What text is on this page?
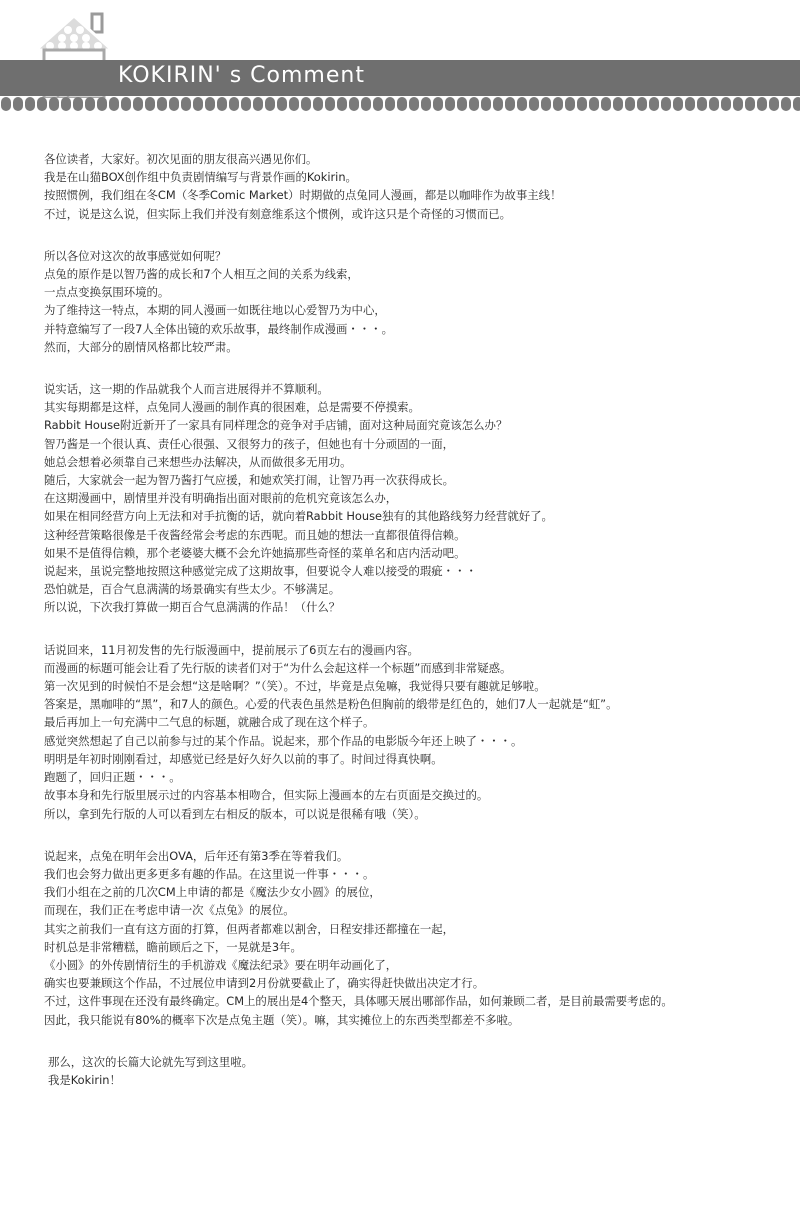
KOKIRIN' s Comment
各位读者，大家好。初次见面的朋友很高兴遇见你们。
我是在山猫BOX创作组中负责剧情编写与背景作画的Kokirin。
按照惯例，我们组在冬CM（冬季Comic Market）时期做的点兔同人漫画，都是以咖啡作为故事主线！
不过，说是这么说，但实际上我们并没有刻意维系这个惯例，或许这只是个奇怪的习惯而已。
所以各位对这次的故事感觉如何呢？
点兔的原作是以智乃酱的成长和7个人相互之间的关系为线索，
一点点变换氛围环境的。
为了维持这一特点，本期的同人漫画一如既往地以心爱智乃为中心，
并特意编写了一段7人全体出镜的欢乐故事，最终制作成漫画・・・。
然而，大部分的剧情风格都比较严肃。
说实话，这一期的作品就我个人而言进展得并不算顺利。
其实每期都是这样，点兔同人漫画的制作真的很困难，总是需要不停摸索。
Rabbit House附近新开了一家具有同样理念的竞争对手店铺，面对这种局面究竟该怎么办？
智乃酱是一个很认真、责任心很强、又很努力的孩子，但她也有十分顽固的一面，
她总会想着必须靠自己来想些办法解决，从而做很多无用功。
随后，大家就会一起为智乃酱打气应援，和她欢笑打闹，让智乃再一次获得成长。
在这期漫画中，剧情里并没有明确指出面对眼前的危机究竟该怎么办，
如果在相同经营方向上无法和对手抗衡的话，就向着Rabbit House独有的其他路线努力经营就好了。
这种经营策略很像是千夜酱经常会考虑的东西呢。而且她的想法一直都很值得信赖。
如果不是值得信赖，那个老婆婆大概不会允许她搞那些奇怪的菜单名和店内活动吧。
说起来，虽说完整地按照这种感觉完成了这期故事，但要说令人难以接受的瑕疵・・・
恐怕就是，百合气息满满的场景确实有些太少。不够满足。
所以说，下次我打算做一期百合气息满满的作品！（什么？
话说回来，11月初发售的先行版漫画中，提前展示了6页左右的漫画内容。
而漫画的标题可能会让看了先行版的读者们对于“为什么会起这样一个标题”而感到非常疑惑。
第一次见到的时候怕不是会想“这是啥啊？”（笑）。不过，毕竟是点兔嘛，我觉得只要有趣就足够啦。
答案是，黑咖啡的“黑”，和7人的颜色。心爱的代表色虽然是粉色但胸前的缎带是红色的，她们7人一起就是“虹”。
最后再加上一句充满中二气息的标题，就融合成了现在这个样子。
感觉突然想起了自己以前参与过的某个作品。说起来，那个作品的电影版今年还上映了・・・。
明明是年初时刚刚看过，却感觉已经是好久好久以前的事了。时间过得真快啊。
跑题了，回归正题・・・。
故事本身和先行版里展示过的内容基本相吻合，但实际上漫画本的左右页面是交换过的。
所以，拿到先行版的人可以看到左右相反的版本，可以说是很稀有哦（笑）。
说起来，点兔在明年会出OVA，后年还有第3季在等着我们。
我们也会努力做出更多更多有趣的作品。在这里说一件事・・・。
我们小组在之前的几次CM上申请的都是《魔法少女小圆》的展位，
而现在，我们正在考虑申请一次《点兔》的展位。
其实之前我们一直有这方面的打算，但两者都难以割舍，日程安排还都撞在一起，
时机总是非常糟糕，瞻前顾后之下，一晃就是3年。
《小圆》的外传剧情衍生的手机游戏《魔法纪录》要在明年动画化了，
确实也要兼顾这个作品，不过展位申请到2月份就要截止了，确实得赶快做出决定才行。
不过，这件事现在还没有最终确定。CM上的展出是4个整天，具体哪天展出哪部作品，如何兼顾二者，是目前最需要考虑的。
因此，我只能说有80%的概率下次是点兔主题（笑）。嘛，其实摊位上的东西类型都差不多啦。
那么，这次的长篇大论就先写到这里啦。
我是Kokirin！
